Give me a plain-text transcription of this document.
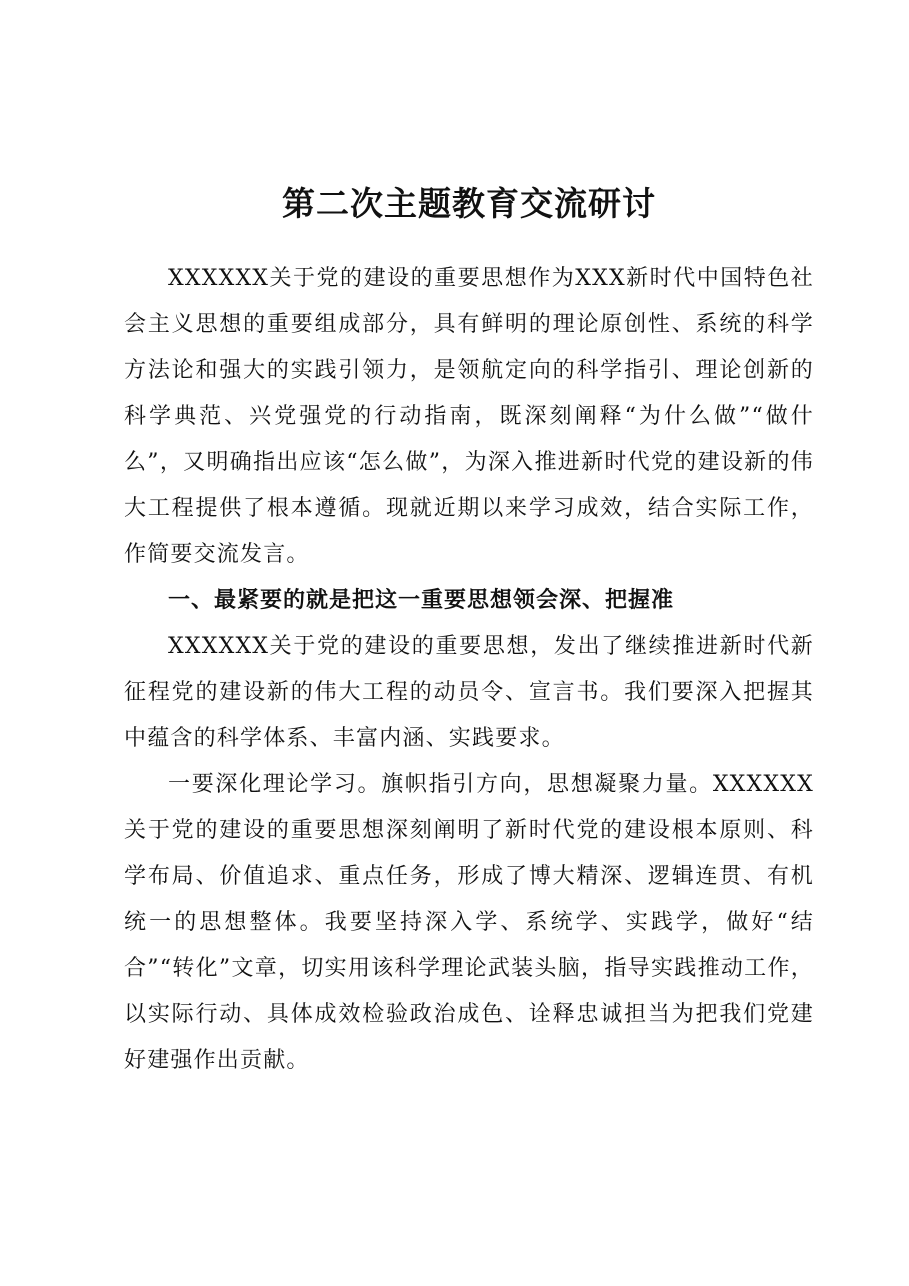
第二次主题教育交流研讨

XXXXXX关于党的建设的重要思想作为XXX新时代中国特色社会主义思想的重要组成部分，具有鲜明的理论原创性、系统的科学方法论和强大的实践引领力，是领航定向的科学指引、理论创新的科学典范、兴党强党的行动指南，既深刻阐释“为什么做”“做什么”，又明确指出应该“怎么做”，为深入推进新时代党的建设新的伟大工程提供了根本遵循。现就近期以来学习成效，结合实际工作，作简要交流发言。

一、最紧要的就是把这一重要思想领会深、把握准

XXXXXX关于党的建设的重要思想，发出了继续推进新时代新征程党的建设新的伟大工程的动员令、宣言书。我们要深入把握其中蕴含的科学体系、丰富内涵、实践要求。

一要深化理论学习。旗帜指引方向，思想凝聚力量。XXXXXX关于党的建设的重要思想深刻阐明了新时代党的建设根本原则、科学布局、价值追求、重点任务，形成了博大精深、逻辑连贯、有机统一的思想整体。我要坚持深入学、系统学、实践学，做好“结合”“转化”文章，切实用该科学理论武装头脑，指导实践推动工作，以实际行动、具体成效检验政治成色、诠释忠诚担当为把我们党建好建强作出贡献。
